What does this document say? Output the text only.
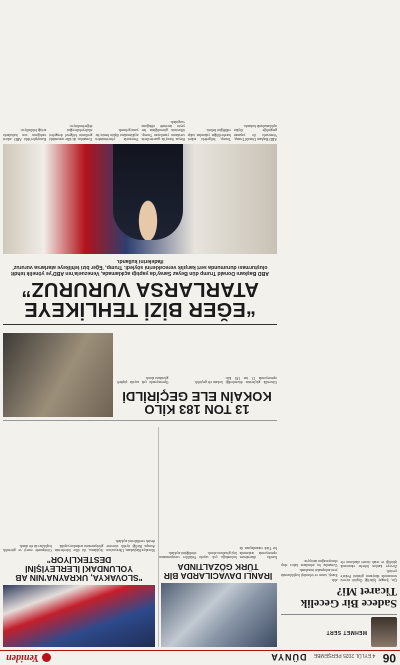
06 4 EYLÜL 2025 PERŞEMBE DÜNYA
Yeniden
MEHMET SERT
Sadece Bir Gecelik Ticaret Mi?

Çin, Şangay İşbirliği Örgütü zirvesi sonrasında dünyanın gözünü Pekin'e çevirdi.

Zirveye katılan liderler ekonomik işbirliği ve ortak ticaret alanlarını ele aldı.

Enerji, tarım ve teknoloji başlıklarında yeni anlaşmalar imzalandı.

Uzmanlar bu adımların kalıcı olup olmayacağını tartışıyor.

İRANLI DAVACILARDA BİR TÜRK GÖZALTINDA

İran'da düzenlenen operasyonda aralarında bir Türk vatandaşının da bulunduğu çok sayıda kişi gözaltına alındı.

Yetkililer soruşturmanın sürdüğünü açıkladı.

"SLOVAKYA, UKRAYNA'NIN AB YOLUNDAKİ İLERLEYİŞİNİ DESTEKLİYOR"

Slovakya Başbakanı, Ukrayna'nın Avrupa Birliği üyelik sürecine destek verdiklerini açıkladı.

Açıklama, iki ülke liderlerinin görüşmesinin ardından yapıldı.

Görüşmede enerji ve güvenlik başlıkları da ele alındı.

13 TON 183 KİLO KOKAİN ELE GEÇİRİLDİ

Güvenlik güçlerinin düzenlediği operasyonda 13 ton 183 kilo kokain ele geçirildi.

Operasyonda çok sayıda şüpheli gözaltına alındı.

“EĞER BİZİ TEHLİKEYE ATARLARSA VURURUZ”
ABD Başkanı Donald Trump dün Beyaz Saray'da yaptığı açıklamada, Venezuela'nın ABD'ye yönelik tehdit oluşturması durumunda sert karşılık vereceklerini söyledi. Trump, 'Eğer bizi tehlikeye atarlarsa vururuz' ifadelerini kullandı.

ABD Başkanı Donald Trump, Venezuela ile yaşanan gerginliğe ilişkin açıklamalarda bulundu.

Trump, bölgedeki askeri hareketliliğin yakından takip edildiğini belirtti.

Beyaz Saray'da gazetecilerin sorularını yanıtlayan Trump, ülkesinin güvenliğinin her şeyin üzerinde olduğunu vurguladı.

Venezuela yönetiminden açıklamalara ilişkin henüz bir yanıt gelmedi.

Uzmanlar, iki ülke arasındaki gerilimin bölgesel dengeleri etkileyebileceğini değerlendiriyor.

Karayipler'deki ABD askeri varlığının son haftalarda arttığı bildiriliyor.
